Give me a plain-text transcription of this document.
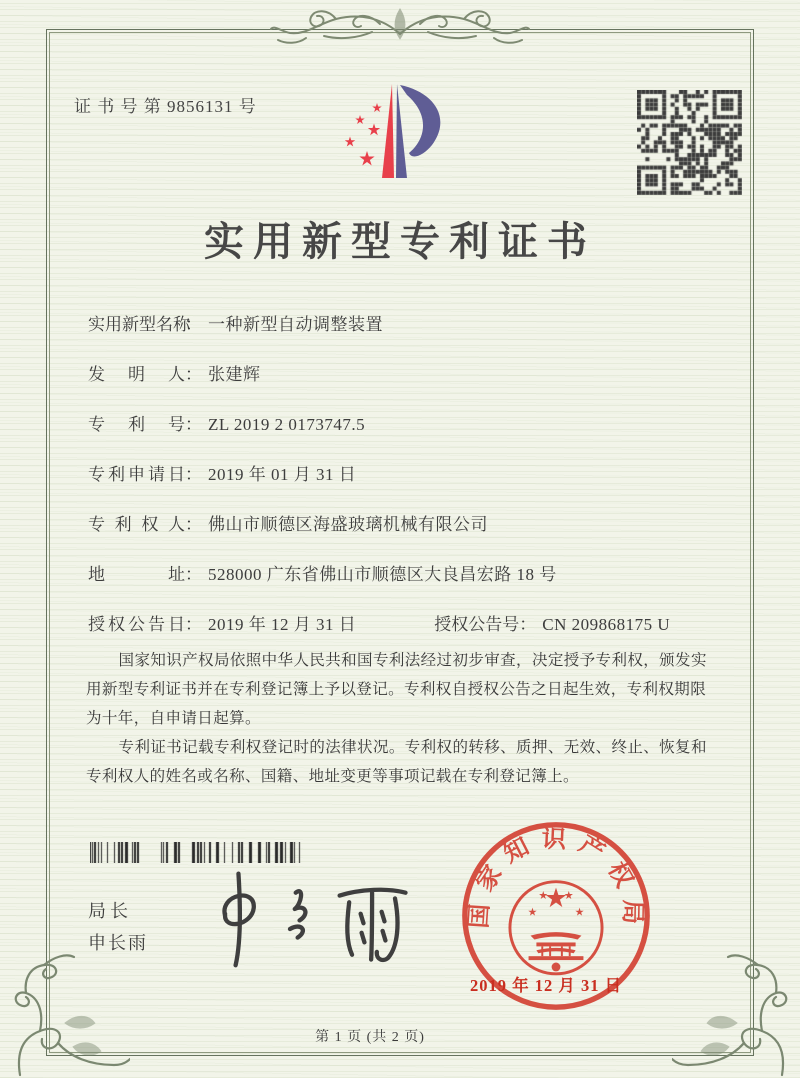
证 书 号 第 9856131 号
实用新型专利证书
实用新型名称： 一种新型自动调整装置
发明人： 张建辉
专利号： ZL 2019 2 0173747.5
专利申请日： 2019 年 01 月 31 日
专利权人： 佛山市顺德区海盛玻璃机械有限公司
地址： 528000 广东省佛山市顺德区大良昌宏路 18 号
授权公告日： 2019 年 12 月 31 日	授权公告号： CN 209868175 U

国家知识产权局依照中华人民共和国专利法经过初步审查，决定授予专利权，颁发实用新型专利证书并在专利登记簿上予以登记。专利权自授权公告之日起生效，专利权期限为十年，自申请日起算。

专利证书记载专利权登记时的法律状况。专利权的转移、质押、无效、终止、恢复和专利权人的姓名或名称、国籍、地址变更等事项记载在专利登记簿上。

局长
申长雨
国家知识产权局
2019 年 12 月 31 日
第 1 页 (共 2 页)
